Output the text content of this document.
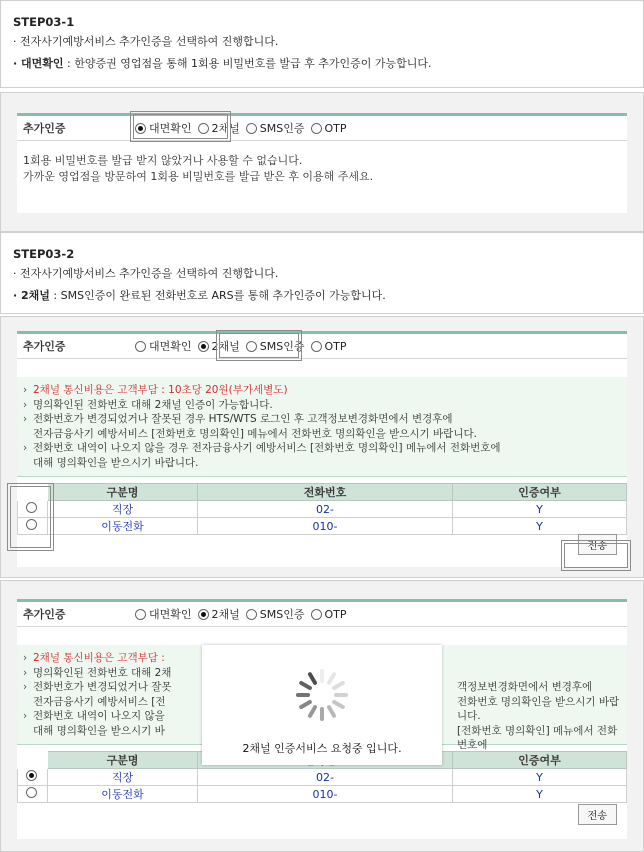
STEP03-1
· 전자사기예방서비스 추가인증을 선택하여 진행합니다.
· 대면확인 : 한양증권 영업점을 통해 1회용 비밀번호를 발급 후 추가인증이 가능합니다.
추가인증	대면확인 2채널 SMS인증 OTP
1회용 비밀번호를 발급 받지 않았거나 사용할 수 없습니다.
가까운 영업점을 방문하여 1회용 비밀번호를 발급 받은 후 이용해 주세요.
STEP03-2
· 전자사기예방서비스 추가인증을 선택하여 진행합니다.
· 2채널 : SMS인증이 완료된 전화번호로 ARS를 통해 추가인증이 가능합니다.
추가인증	대면확인 2채널 SMS인증 OTP
› 2채널 통신비용은 고객부담 : 10초당 20원(부가세별도)
› 명의확인된 전화번호 대해 2채널 인증이 가능합니다.
› 전화번호가 변경되었거나 잘못된 경우 HTS/WTS 로그인 후 고객정보변경화면에서 변경후에
전자금융사기 예방서비스 [전화번호 명의확인] 메뉴에서 전화번호 명의확인을 받으시기 바랍니다.
› 전화번호 내역이 나오지 않을 경우 전자금융사기 예방서비스 [전화번호 명의확인] 메뉴에서 전화번호에
대해 명의확인을 받으시기 바랍니다.
	구분명	전화번호	인증여부
	직장	02-	Y
	이동전화	010-	Y
전송
추가인증	대면확인 2채널 SMS인증 OTP
› 2채널 통신비용은 고객부담 :
› 명의확인된 전화번호 대해 2채
› 전화번호가 변경되었거나 잘못
전자금융사기 예방서비스 [전
› 전화번호 내역이 나오지 않을
대해 명의확인을 받으시기 바
객정보변경화면에서 변경후에
전화번호 명의확인을 받으시기 바랍니다.
[전화번호 명의확인] 메뉴에서 전화번호에
	구분명		인증여부
	직장	02-	Y
	이동전화	010-	Y
전송
2채널 인증서비스 요청중 입니다.
